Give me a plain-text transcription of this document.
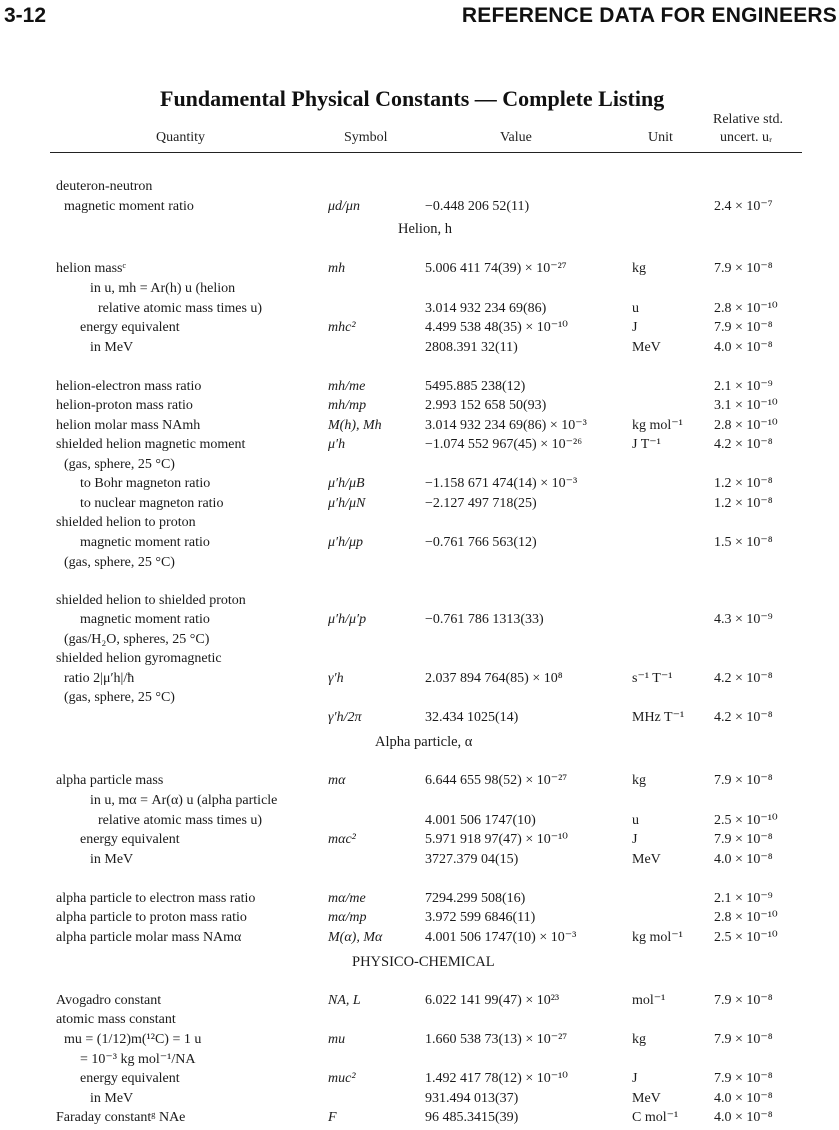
3-12	REFERENCE DATA FOR ENGINEERS
Fundamental Physical Constants — Complete Listing
Quantity	Symbol	Value	Unit
Relative std.
uncert. uᵣ
deuteron-neutron
magnetic moment ratio	μd/μn	−0.448 206 52(11)	2.4 × 10⁻⁷
Helion, h
helion massᶜ	mh	5.006 411 74(39) × 10⁻²⁷	kg	7.9 × 10⁻⁸
in u, mh = Ar(h) u (helion
relative atomic mass times u)	3.014 932 234 69(86)	u	2.8 × 10⁻¹⁰
energy equivalent	mhc²	4.499 538 48(35) × 10⁻¹⁰	J	7.9 × 10⁻⁸
in MeV	2808.391 32(11)	MeV	4.0 × 10⁻⁸
helion-electron mass ratio	mh/me	5495.885 238(12)	2.1 × 10⁻⁹
helion-proton mass ratio	mh/mp	2.993 152 658 50(93)	3.1 × 10⁻¹⁰
helion molar mass NAmh	M(h), Mh	3.014 932 234 69(86) × 10⁻³	kg mol⁻¹ 2.8 × 10⁻¹⁰
shielded helion magnetic moment	μ′h	−1.074 552 967(45) × 10⁻²⁶	J T⁻¹	4.2 × 10⁻⁸
(gas, sphere, 25 °C)
to Bohr magneton ratio	μ′h/μB	−1.158 671 474(14) × 10⁻³	1.2 × 10⁻⁸
to nuclear magneton ratio	μ′h/μN	−2.127 497 718(25)	1.2 × 10⁻⁸
shielded helion to proton
magnetic moment ratio	μ′h/μp	−0.761 766 563(12)	1.5 × 10⁻⁸
(gas, sphere, 25 °C)
shielded helion to shielded proton
magnetic moment ratio	μ′h/μ′p	−0.761 786 1313(33)	4.3 × 10⁻⁹
(gas/H₂O, spheres, 25 °C)
shielded helion gyromagnetic
ratio 2|μ′h|/ħ	γ′h	2.037 894 764(85) × 10⁸	s⁻¹ T⁻¹	4.2 × 10⁻⁸
(gas, sphere, 25 °C)
γ′h/2π	32.434 1025(14)	MHz T⁻¹ 4.2 × 10⁻⁸
Alpha particle, α
alpha particle mass	mα	6.644 655 98(52) × 10⁻²⁷	kg	7.9 × 10⁻⁸
in u, mα = Ar(α) u (alpha particle
relative atomic mass times u)	4.001 506 1747(10)	u	2.5 × 10⁻¹⁰
energy equivalent	mαc²	5.971 918 97(47) × 10⁻¹⁰	J	7.9 × 10⁻⁸
in MeV	3727.379 04(15)	MeV	4.0 × 10⁻⁸
alpha particle to electron mass ratio	mα/me	7294.299 508(16)	2.1 × 10⁻⁹
alpha particle to proton mass ratio	mα/mp	3.972 599 6846(11)	2.8 × 10⁻¹⁰
alpha particle molar mass NAmα	M(α), Mα	4.001 506 1747(10) × 10⁻³	kg mol⁻¹ 2.5 × 10⁻¹⁰
PHYSICO-CHEMICAL
Avogadro constant	NA, L	6.022 141 99(47) × 10²³	mol⁻¹	7.9 × 10⁻⁸
atomic mass constant
mu = (1/12)m(¹²C) = 1 u	mu	1.660 538 73(13) × 10⁻²⁷	kg	7.9 × 10⁻⁸
= 10⁻³ kg mol⁻¹/NA
energy equivalent	muc²	1.492 417 78(12) × 10⁻¹⁰	J	7.9 × 10⁻⁸
in MeV	931.494 013(37)	MeV	4.0 × 10⁻⁸
Faraday constantᵍ NAe	F	96 485.3415(39)	C mol⁻¹	4.0 × 10⁻⁸
